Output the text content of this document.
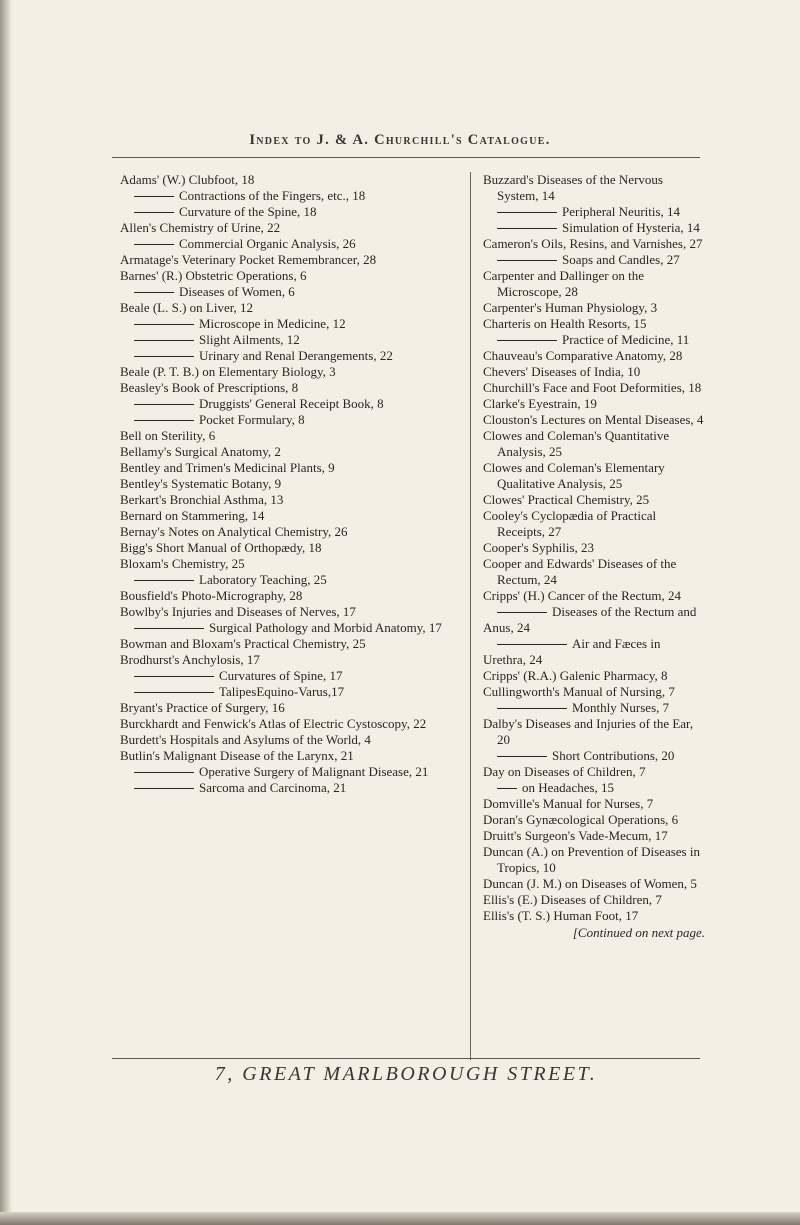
Index to J. & A. Churchill's Catalogue.

Adams' (W.) Clubfoot, 18

Contractions of the Fingers, etc., 18

Curvature of the Spine, 18

Allen's Chemistry of Urine, 22

Commercial Organic Analysis, 26

Armatage's Veterinary Pocket Remembrancer, 28

Barnes' (R.) Obstetric Operations, 6

Diseases of Women, 6

Beale (L. S.) on Liver, 12

Microscope in Medicine, 12

Slight Ailments, 12

Urinary and Renal Derangements, 22

Beale (P. T. B.) on Elementary Biology, 3

Beasley's Book of Prescriptions, 8

Druggists' General Receipt Book, 8

Pocket Formulary, 8

Bell on Sterility, 6

Bellamy's Surgical Anatomy, 2

Bentley and Trimen's Medicinal Plants, 9

Bentley's Systematic Botany, 9

Berkart's Bronchial Asthma, 13

Bernard on Stammering, 14

Bernay's Notes on Analytical Chemistry, 26

Bigg's Short Manual of Orthopædy, 18

Bloxam's Chemistry, 25

Laboratory Teaching, 25

Bousfield's Photo-Micrography, 28

Bowlby's Injuries and Diseases of Nerves, 17

Surgical Pathology and Morbid Anatomy, 17

Bowman and Bloxam's Practical Chemistry, 25

Brodhurst's Anchylosis, 17

Curvatures of Spine, 17

TalipesEquino-Varus,17

Bryant's Practice of Surgery, 16

Burckhardt and Fenwick's Atlas of Electric Cystoscopy, 22

Burdett's Hospitals and Asylums of the World, 4

Butlin's Malignant Disease of the Larynx, 21

Operative Surgery of Malignant Disease, 21

Sarcoma and Carcinoma, 21

Buzzard's Diseases of the Nervous System, 14

Peripheral Neuritis, 14

Simulation of Hysteria, 14

Cameron's Oils, Resins, and Varnishes, 27

Soaps and Candles, 27

Carpenter and Dallinger on the Microscope, 28

Carpenter's Human Physiology, 3

Charteris on Health Resorts, 15

Practice of Medicine, 11

Chauveau's Comparative Anatomy, 28

Chevers' Diseases of India, 10

Churchill's Face and Foot Deformities, 18

Clarke's Eyestrain, 19

Clouston's Lectures on Mental Diseases, 4

Clowes and Coleman's Quantitative Analysis, 25

Clowes and Coleman's Elementary Qualitative Analysis, 25

Clowes' Practical Chemistry, 25

Cooley's Cyclopædia of Practical Receipts, 27

Cooper's Syphilis, 23

Cooper and Edwards' Diseases of the Rectum, 24

Cripps' (H.) Cancer of the Rectum, 24

Diseases of the Rectum and Anus, 24

Air and Fæces in Urethra, 24

Cripps' (R.A.) Galenic Pharmacy, 8

Cullingworth's Manual of Nursing, 7

Monthly Nurses, 7

Dalby's Diseases and Injuries of the Ear, 20

Short Contributions, 20

Day on Diseases of Children, 7

on Headaches, 15

Domville's Manual for Nurses, 7

Doran's Gynæcological Operations, 6

Druitt's Surgeon's Vade-Mecum, 17

Duncan (A.) on Prevention of Diseases in Tropics, 10

Duncan (J. M.) on Diseases of Women, 5

Ellis's (E.) Diseases of Children, 7

Ellis's (T. S.) Human Foot, 17

[Continued on next page.
7, GREAT MARLBOROUGH STREET.
